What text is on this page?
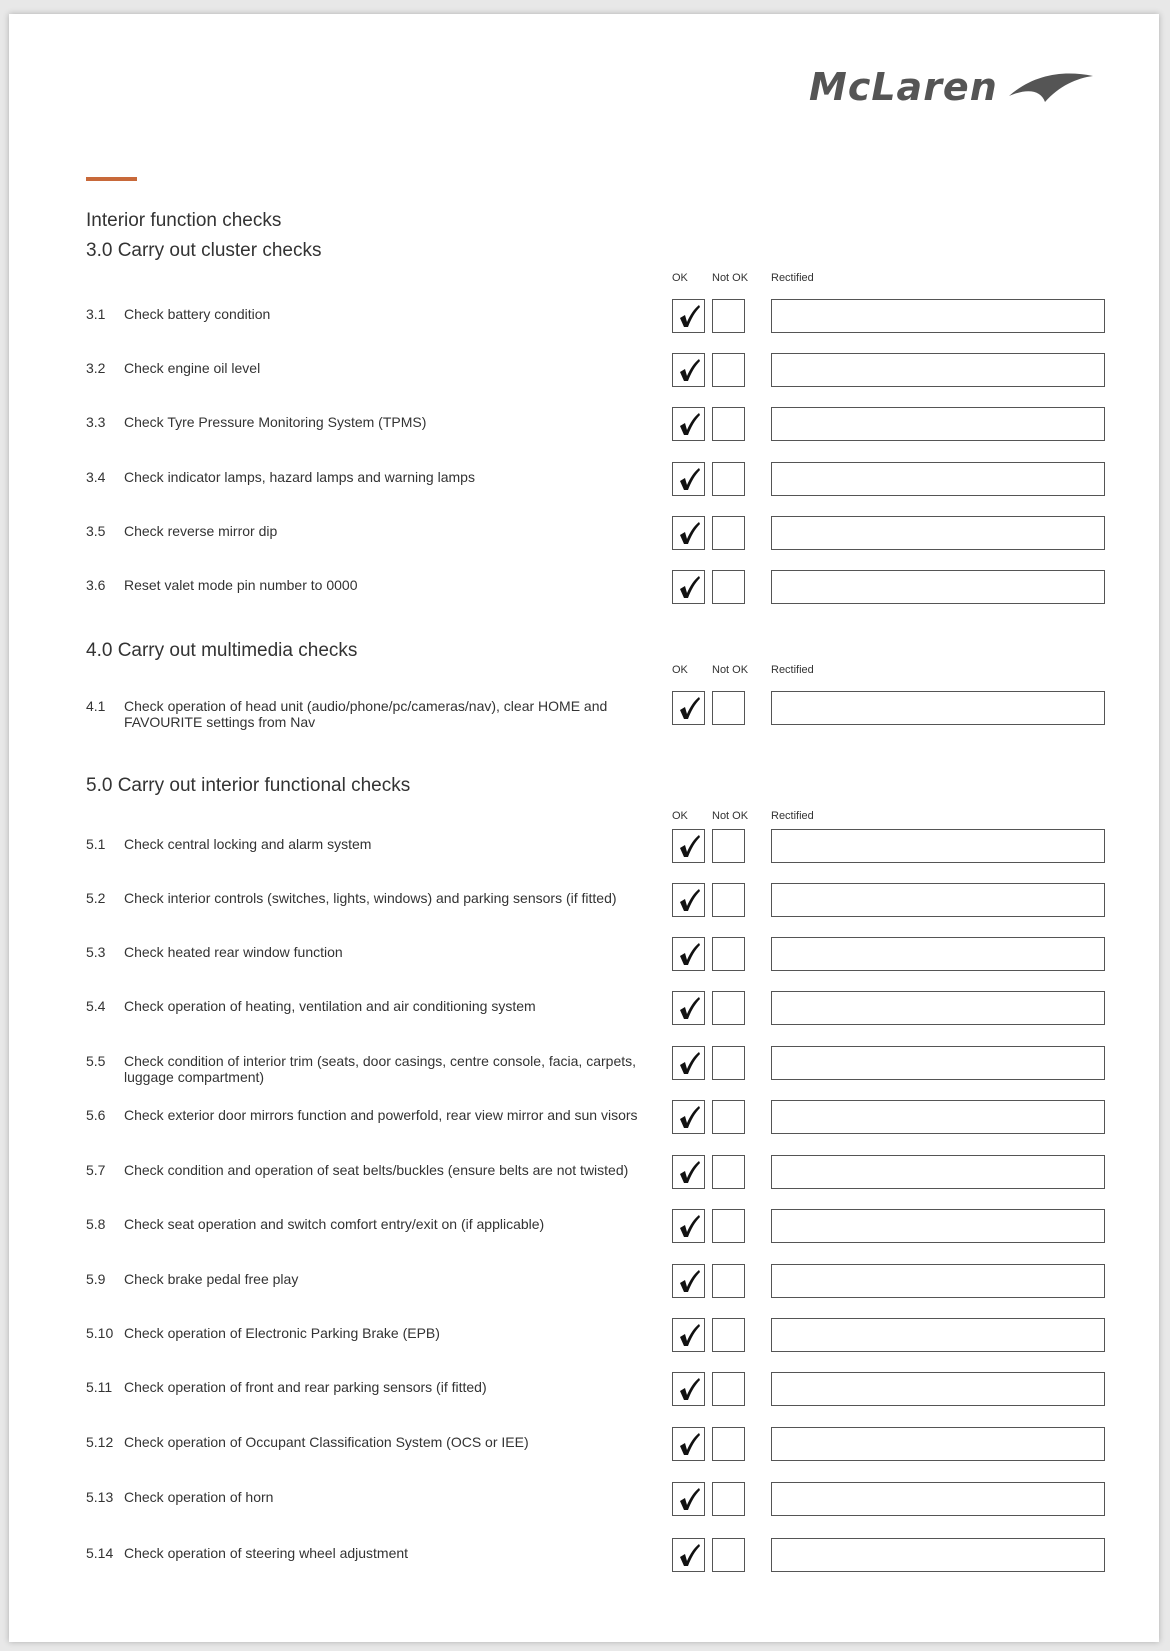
McLaren
Interior function checks
3.0 Carry out cluster checks
OK Not OK Rectified
3.1 Check battery condition
3.2 Check engine oil level
3.3 Check Tyre Pressure Monitoring System (TPMS)
3.4 Check indicator lamps, hazard lamps and warning lamps
3.5 Check reverse mirror dip
3.6 Reset valet mode pin number to 0000
4.0 Carry out multimedia checks
OK Not OK Rectified
4.1 Check operation of head unit (audio/phone/pc/cameras/nav), clear HOME and FAVOURITE settings from Nav
5.0 Carry out interior functional checks
OK Not OK Rectified
5.1 Check central locking and alarm system
5.2 Check interior controls (switches, lights, windows) and parking sensors (if fitted)
5.3 Check heated rear window function
5.4 Check operation of heating, ventilation and air conditioning system
5.5 Check condition of interior trim (seats, door casings, centre console, facia, carpets, luggage compartment)
5.6 Check exterior door mirrors function and powerfold, rear view mirror and sun visors
5.7 Check condition and operation of seat belts/buckles (ensure belts are not twisted)
5.8 Check seat operation and switch comfort entry/exit on (if applicable)
5.9 Check brake pedal free play
5.10 Check operation of Electronic Parking Brake (EPB)
5.11 Check operation of front and rear parking sensors (if fitted)
5.12 Check operation of Occupant Classification System (OCS or IEE)
5.13 Check operation of horn
5.14 Check operation of steering wheel adjustment
